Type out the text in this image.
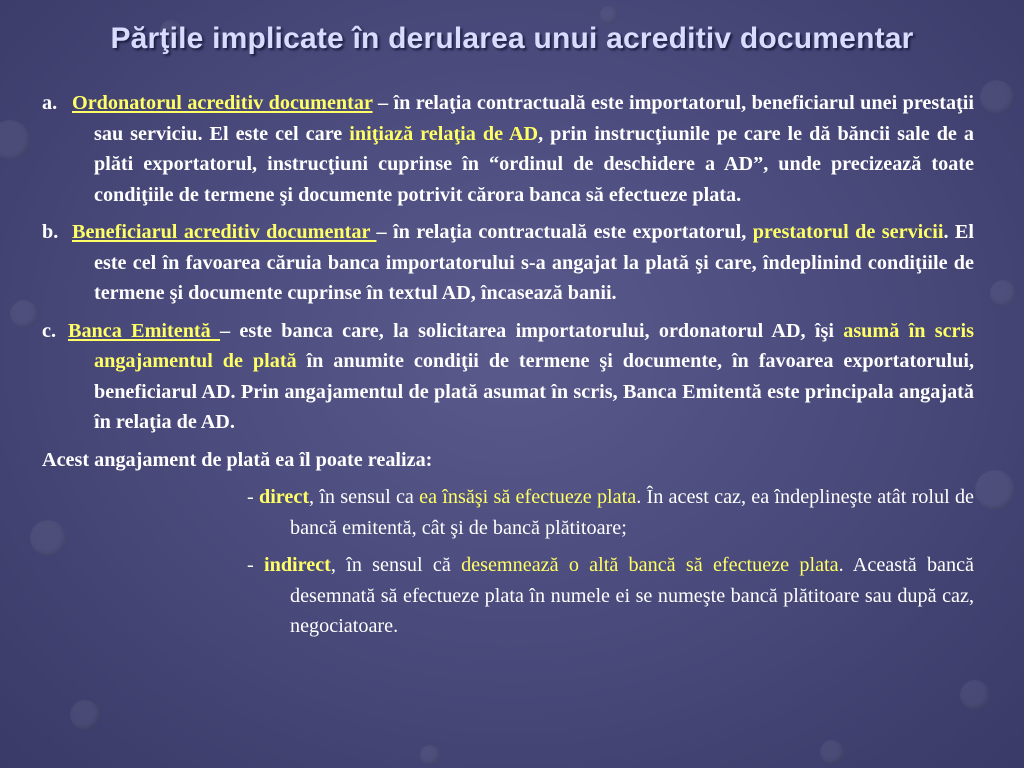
Părţile implicate în derularea unui acreditiv documentar
a. Ordonatorul acreditiv documentar – în relaţia contractuală este importatorul, beneficiarul unei prestaţii sau serviciu. El este cel care iniţiază relaţia de AD, prin instrucţiunile pe care le dă băncii sale de a plăti exportatorul, instrucţiuni cuprinse în “ordinul de deschidere a AD”, unde precizează toate condiţiile de termene şi documente potrivit cărora banca să efectueze plata.
b. Beneficiarul acreditiv documentar – în relaţia contractuală este exportatorul, prestatorul de servicii. El este cel în favoarea căruia banca importatorului s-a angajat la plată şi care, îndeplinind condiţiile de termene şi documente cuprinse în textul AD, încasează banii.
c. Banca Emitentă – este banca care, la solicitarea importatorului, ordonatorul AD, îşi asumă în scris angajamentul de plată în anumite condiţii de termene şi documente, în favoarea exportatorului, beneficiarul AD. Prin angajamentul de plată asumat în scris, Banca Emitentă este principala angajată în relaţia de AD.
Acest angajament de plată ea îl poate realiza:
- direct, în sensul ca ea însăşi să efectueze plata. În acest caz, ea îndeplineşte atât rolul de bancă emitentă, cât şi de bancă plătitoare;
- indirect, în sensul că desemnează o altă bancă să efectueze plata. Această bancă desemnată să efectueze plata în numele ei se numeşte bancă plătitoare sau după caz, negociatoare.
